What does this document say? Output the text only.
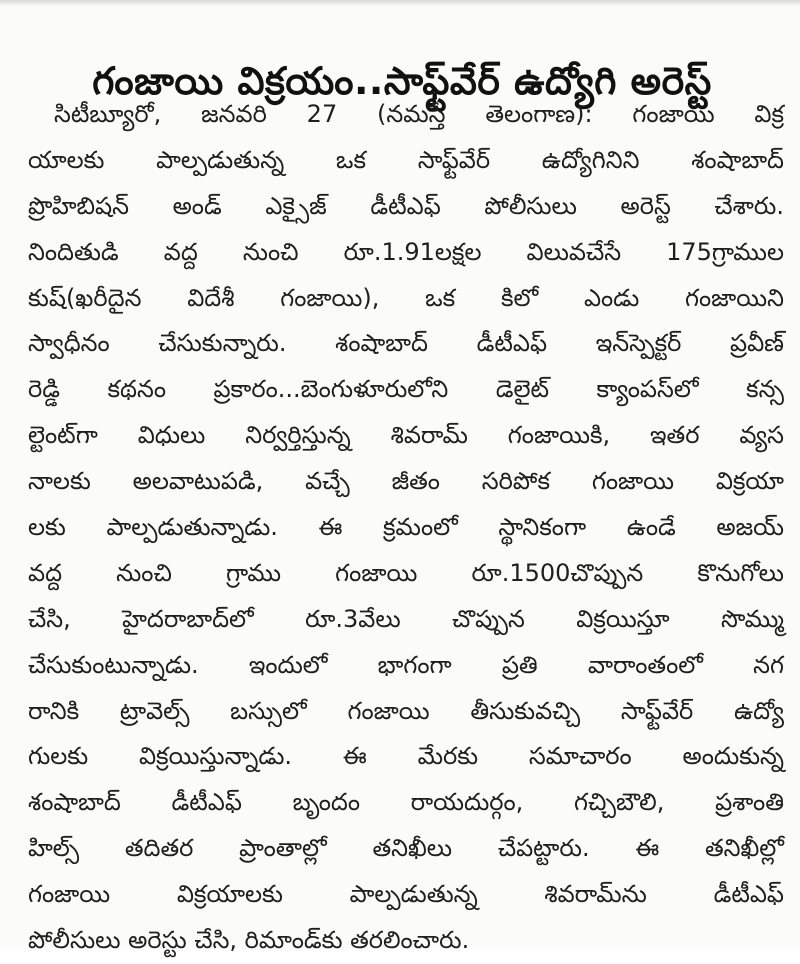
గంజాయి విక్రయం..సాఫ్ట్‌వేర్ ఉద్యోగి అరెస్ట్
సిటీబ్యూరో, జనవరి 27 (నమస్తే తెలంగాణ): గంజాయి విక్ర
యాలకు పాల్పడుతున్న ఒక సాఫ్ట్‌వేర్ ఉద్యోగినిని శంషాబాద్
ప్రొహిబిషన్ అండ్ ఎక్సైజ్ డీటీఎఫ్ పోలీసులు అరెస్ట్ చేశారు.
నిందితుడి వద్ద నుంచి రూ.1.91లక్షల విలువచేసే 175గ్రాముల
కుష్(ఖరీదైన విదేశీ గంజాయి), ఒక కిలో ఎండు గంజాయిని
స్వాధీనం చేసుకున్నారు. శంషాబాద్ డీటీఎఫ్ ఇన్‌స్పెక్టర్ ప్రవీణ్
రెడ్డి కథనం ప్రకారం...బెంగుళూరులోని డెలైట్ క్యాంపస్‌లో కన్స
ల్టెంట్‌గా విధులు నిర్వర్తిస్తున్న శివరామ్ గంజాయికి, ఇతర వ్యస
నాలకు అలవాటుపడి, వచ్చే జీతం సరిపోక గంజాయి విక్రయా
లకు పాల్పడుతున్నాడు. ఈ క్రమంలో స్థానికంగా ఉండే అజయ్
వద్ద నుంచి గ్రాము గంజాయి రూ.1500చొప్పున కొనుగోలు
చేసి, హైదరాబాద్‌లో రూ.3వేలు చొప్పున విక్రయిస్తూ సొమ్ము
చేసుకుంటున్నాడు. ఇందులో భాగంగా ప్రతి వారాంతంలో నగ
రానికి ట్రావెల్స్ బస్సులో గంజాయి తీసుకువచ్చి సాఫ్ట్‌వేర్ ఉద్యో
గులకు విక్రయిస్తున్నాడు. ఈ మేరకు సమాచారం అందుకున్న
శంషాబాద్ డీటీఎఫ్ బృందం రాయదుర్గం, గచ్చిబౌలి, ప్రశాంతి
హిల్స్ తదితర ప్రాంతాల్లో తనిఖీలు చేపట్టారు. ఈ తనిఖీల్లో
గంజాయి విక్రయాలకు పాల్పడుతున్న శివరామ్‌ను డీటీఎఫ్
పోలీసులు అరెస్టు చేసి, రిమాండ్‌కు తరలించారు.
